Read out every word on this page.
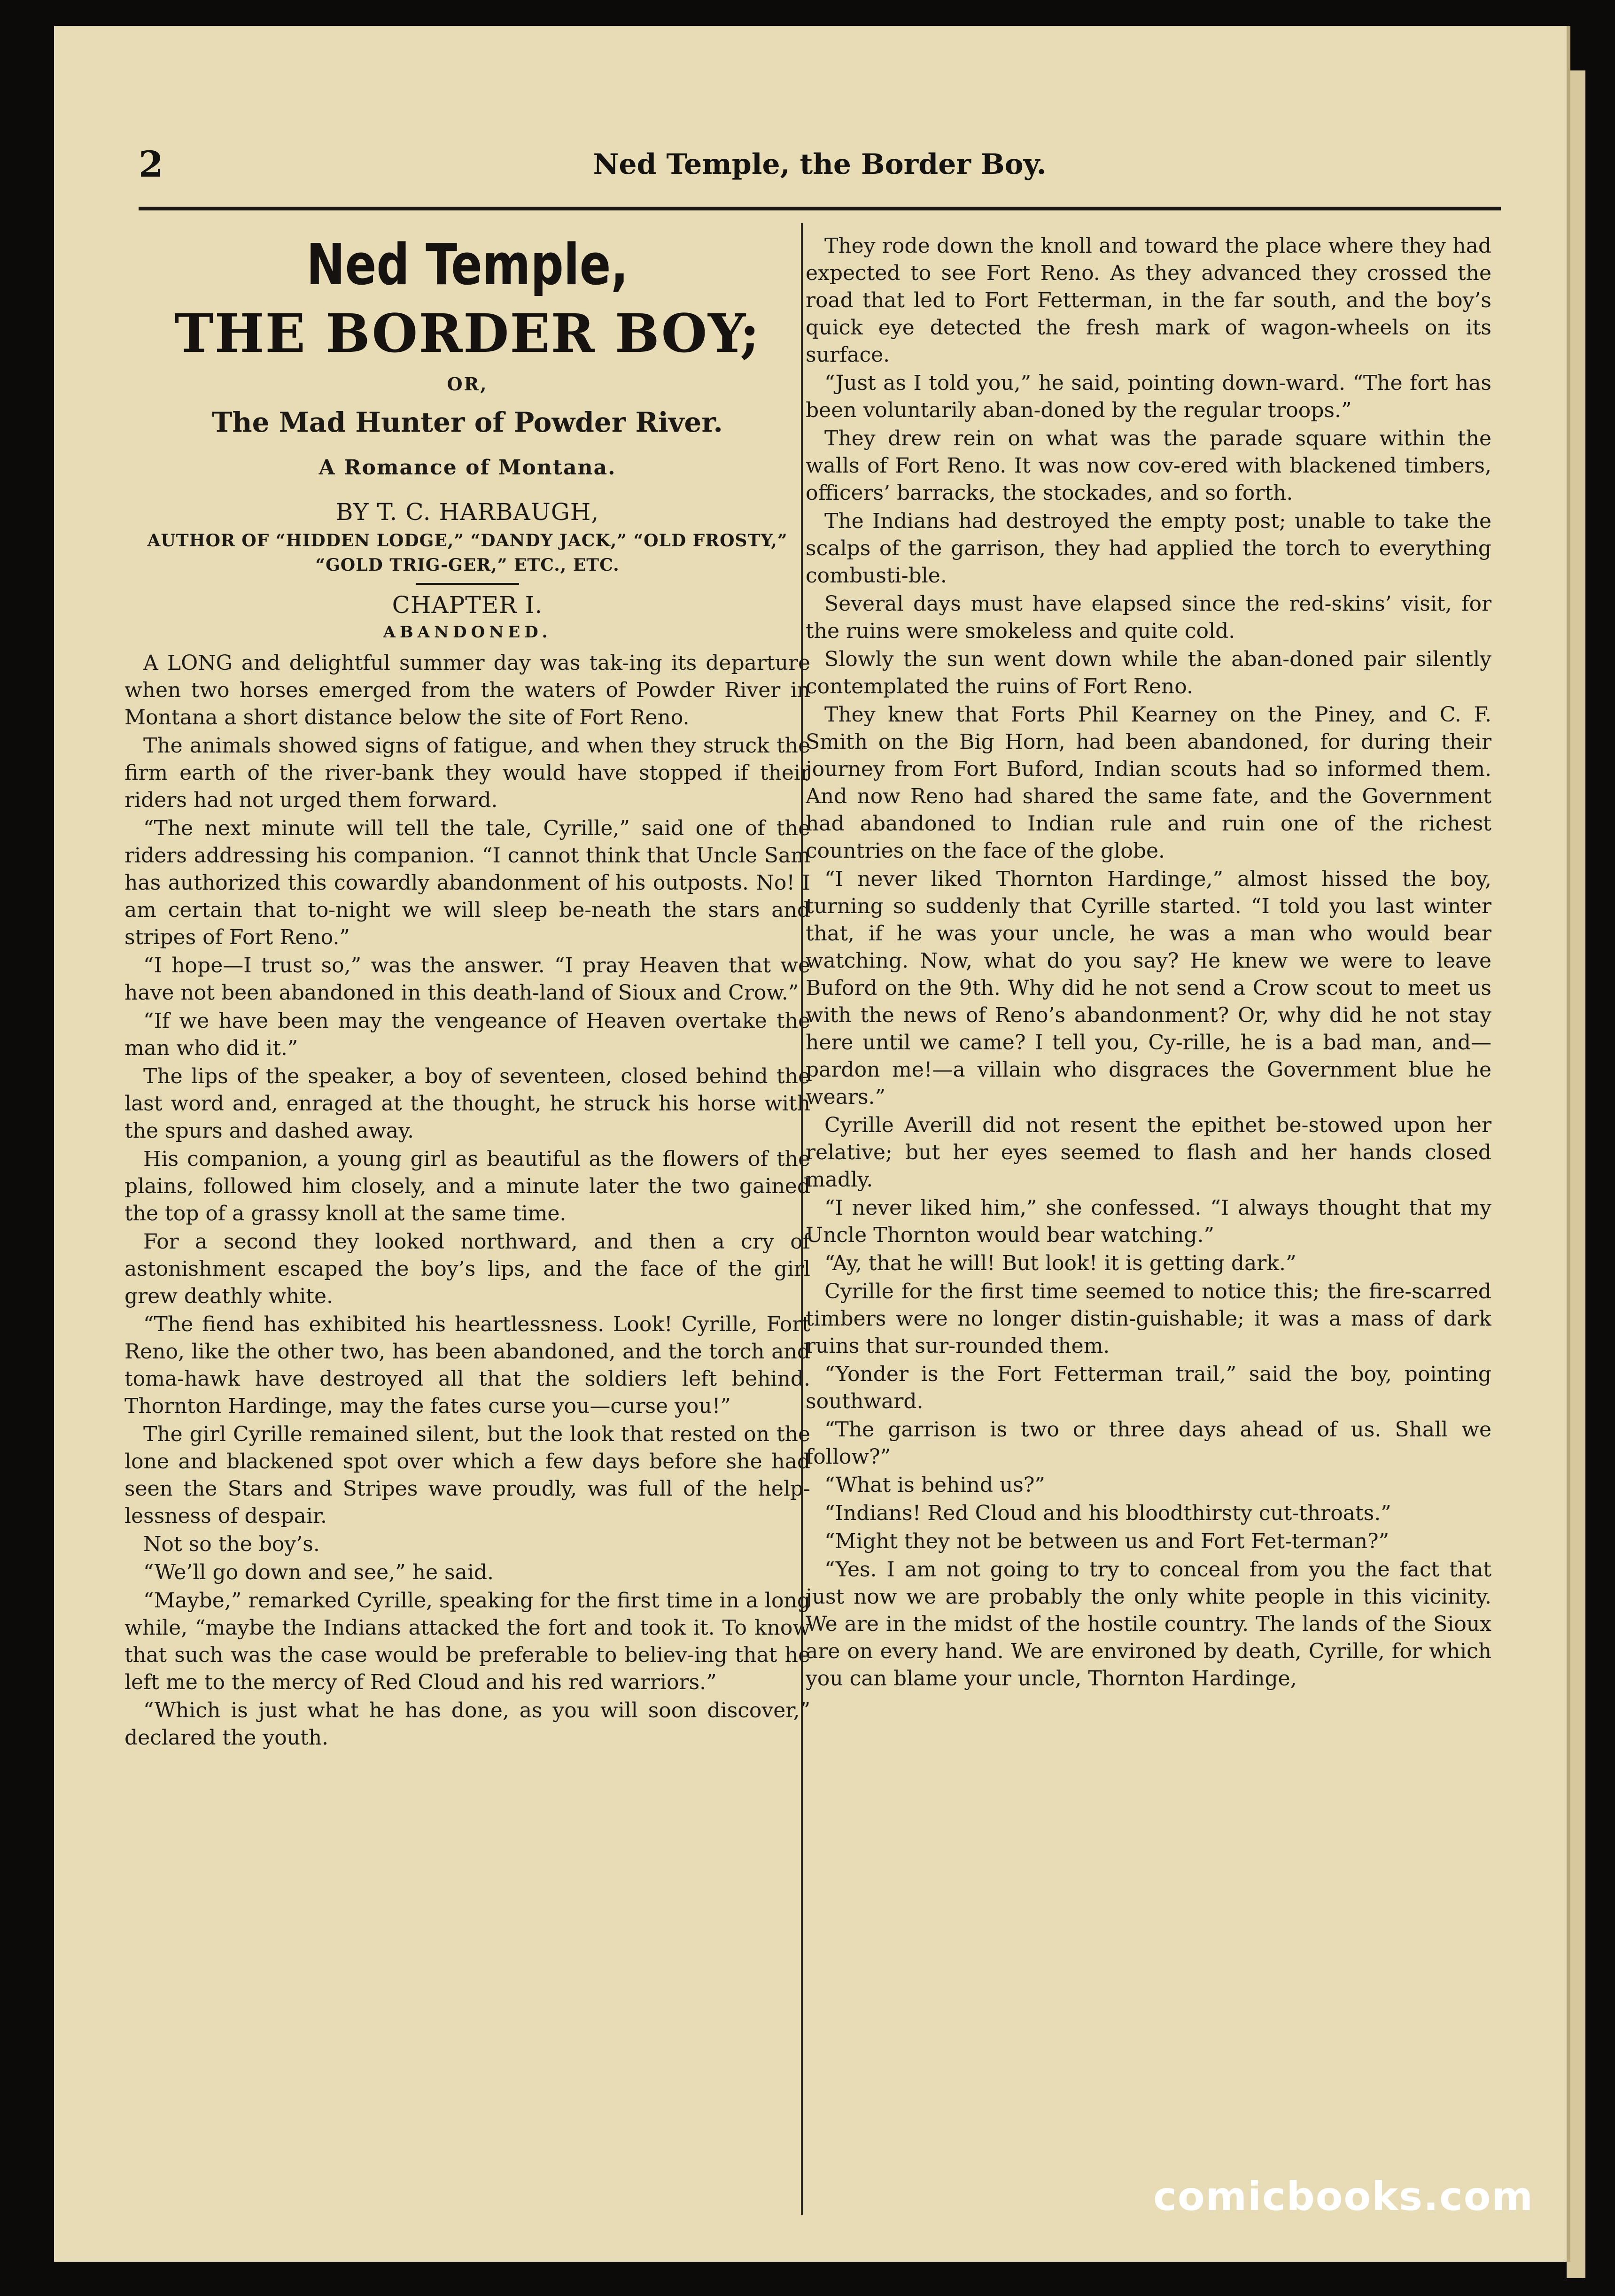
2	Ned Temple, the Border Boy.
Ned Temple,
THE BORDER BOY;
OR,
The Mad Hunter of Powder River.
A Romance of Montana.
BY T. C. HARBAUGH,
AUTHOR OF “HIDDEN LODGE,” “DANDY JACK,” “OLD FROSTY,” “GOLD TRIG-GER,” ETC., ETC.
CHAPTER I.
ABANDONED.

A LONG and delightful summer day was tak-ing its departure when two horses emerged from the waters of Powder River in Montana a short distance below the site of Fort Reno.

The animals showed signs of fatigue, and when they struck the firm earth of the river-bank they would have stopped if their riders had not urged them forward.

“The next minute will tell the tale, Cyrille,” said one of the riders addressing his companion. “I cannot think that Uncle Sam has authorized this cowardly abandonment of his outposts. No! I am certain that to-night we will sleep be-neath the stars and stripes of Fort Reno.”

“I hope—I trust so,” was the answer. “I pray Heaven that we have not been abandoned in this death-land of Sioux and Crow.”

“If we have been may the vengeance of Heaven overtake the man who did it.”

The lips of the speaker, a boy of seventeen, closed behind the last word and, enraged at the thought, he struck his horse with the spurs and dashed away.

His companion, a young girl as beautiful as the flowers of the plains, followed him closely, and a minute later the two gained the top of a grassy knoll at the same time.

For a second they looked northward, and then a cry of astonishment escaped the boy’s lips, and the face of the girl grew deathly white.

“The fiend has exhibited his heartlessness. Look! Cyrille, Fort Reno, like the other two, has been abandoned, and the torch and toma-hawk have destroyed all that the soldiers left behind. Thornton Hardinge, may the fates curse you—curse you!”

The girl Cyrille remained silent, but the look that rested on the lone and blackened spot over which a few days before she had seen the Stars and Stripes wave proudly, was full of the help-lessness of despair.

Not so the boy’s.

“We’ll go down and see,” he said.

“Maybe,” remarked Cyrille, speaking for the first time in a long while, “maybe the Indians attacked the fort and took it. To know that such was the case would be preferable to believ-ing that he left me to the mercy of Red Cloud and his red warriors.”

“Which is just what he has done, as you will soon discover,” declared the youth.

They rode down the knoll and toward the place where they had expected to see Fort Reno. As they advanced they crossed the road that led to Fort Fetterman, in the far south, and the boy’s quick eye detected the fresh mark of wagon-wheels on its surface.

“Just as I told you,” he said, pointing down-ward. “The fort has been voluntarily aban-doned by the regular troops.”

They drew rein on what was the parade square within the walls of Fort Reno. It was now cov-ered with blackened timbers, officers’ barracks, the stockades, and so forth.

The Indians had destroyed the empty post; unable to take the scalps of the garrison, they had applied the torch to everything combusti-ble.

Several days must have elapsed since the red-skins’ visit, for the ruins were smokeless and quite cold.

Slowly the sun went down while the aban-doned pair silently contemplated the ruins of Fort Reno.

They knew that Forts Phil Kearney on the Piney, and C. F. Smith on the Big Horn, had been abandoned, for during their journey from Fort Buford, Indian scouts had so informed them. And now Reno had shared the same fate, and the Government had abandoned to Indian rule and ruin one of the richest countries on the face of the globe.

“I never liked Thornton Hardinge,” almost hissed the boy, turning so suddenly that Cyrille started. “I told you last winter that, if he was your uncle, he was a man who would bear watching. Now, what do you say? He knew we were to leave Buford on the 9th. Why did he not send a Crow scout to meet us with the news of Reno’s abandonment? Or, why did he not stay here until we came? I tell you, Cy-rille, he is a bad man, and—pardon me!—a villain who disgraces the Government blue he wears.”

Cyrille Averill did not resent the epithet be-stowed upon her relative; but her eyes seemed to flash and her hands closed madly.

“I never liked him,” she confessed. “I always thought that my Uncle Thornton would bear watching.”

“Ay, that he will! But look! it is getting dark.”

Cyrille for the first time seemed to notice this; the fire-scarred timbers were no longer distin-guishable; it was a mass of dark ruins that sur-rounded them.

“Yonder is the Fort Fetterman trail,” said the boy, pointing southward.

“The garrison is two or three days ahead of us. Shall we follow?”

“What is behind us?”

“Indians! Red Cloud and his bloodthirsty cut-throats.”

“Might they not be between us and Fort Fet-terman?”

“Yes. I am not going to try to conceal from you the fact that just now we are probably the only white people in this vicinity. We are in the midst of the hostile country. The lands of the Sioux are on every hand. We are environed by death, Cyrille, for which you can blame your uncle, Thornton Hardinge,

comicbooks.com
